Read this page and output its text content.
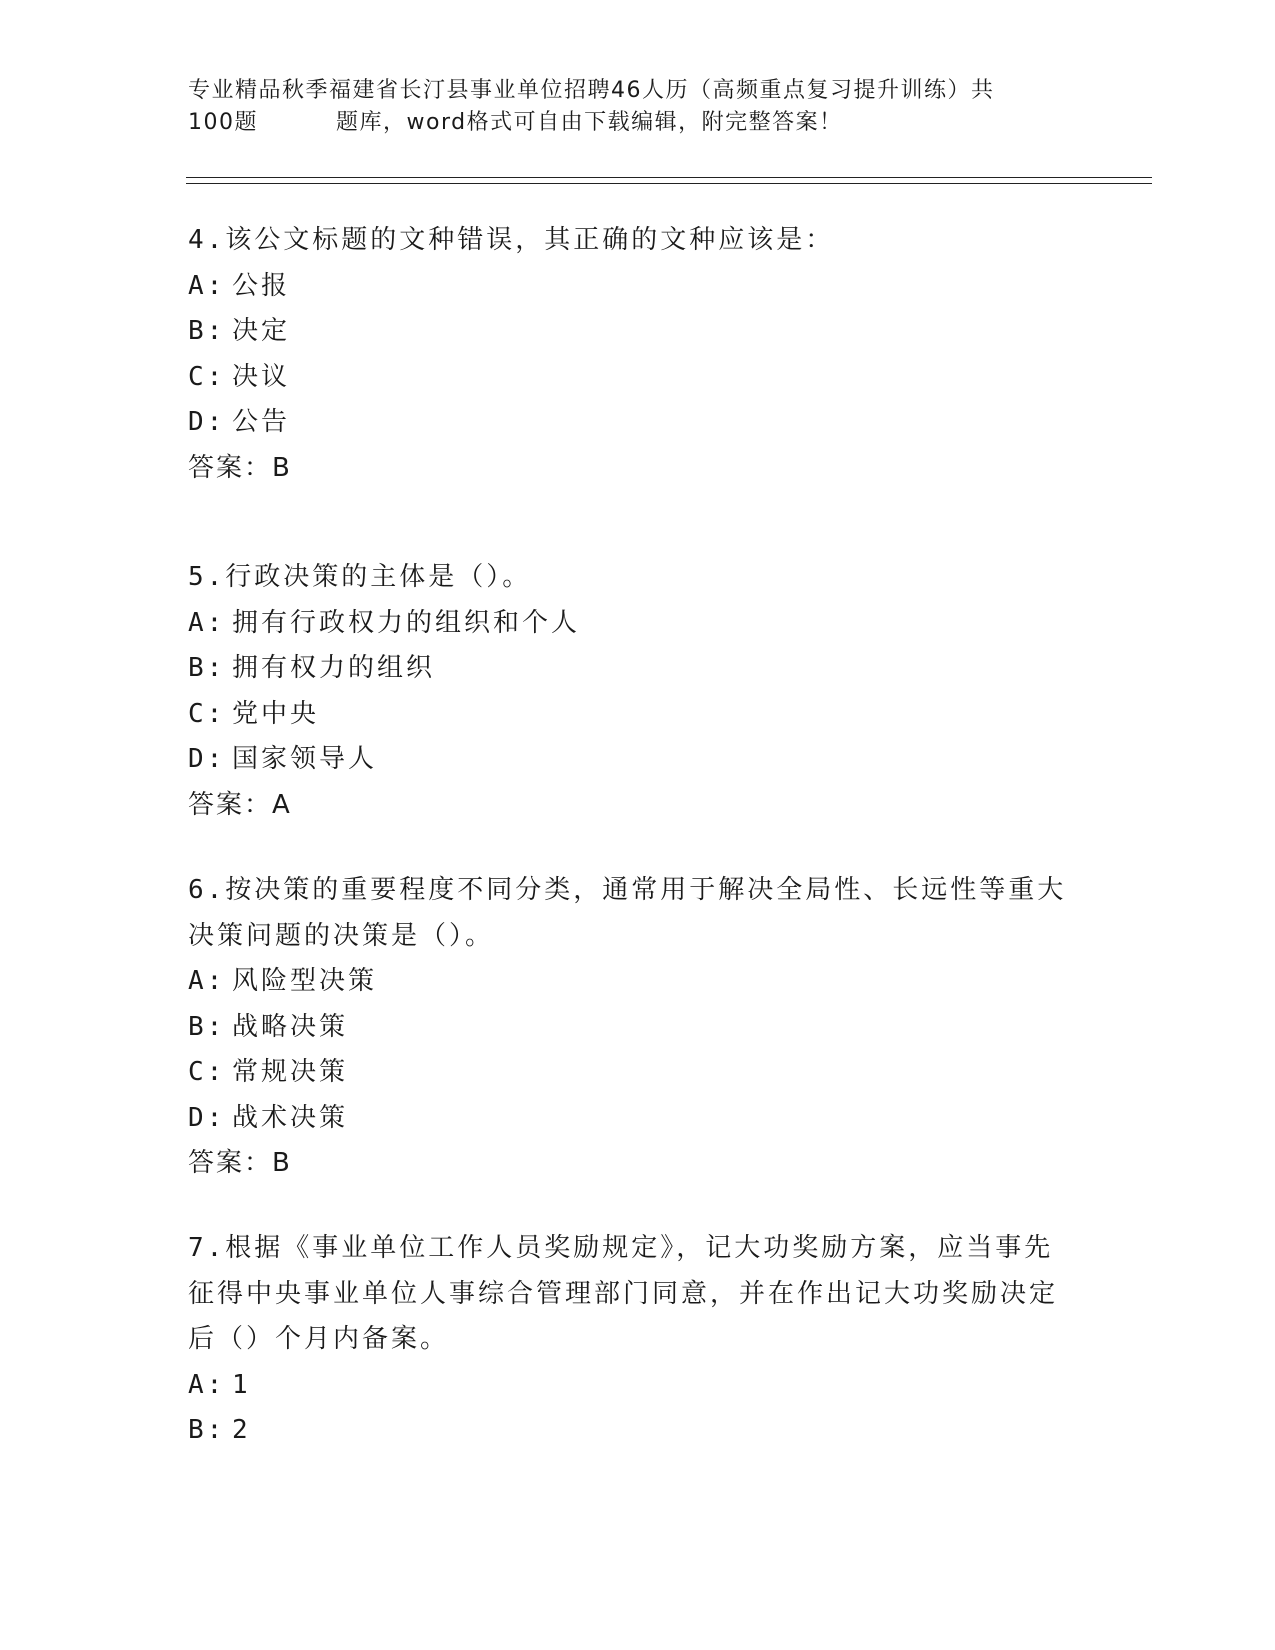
专业精品秋季福建省长汀县事业单位招聘46人历（高频重点复习提升训练）共
100题	题库，word格式可自由下载编辑，附完整答案！

4.该公文标题的文种错误，其正确的文种应该是：

A: 公报

B: 决定

C: 决议

D: 公告

答案：B

5.行政决策的主体是（）。

A: 拥有行政权力的组织和个人

B: 拥有权力的组织

C: 党中央

D: 国家领导人

答案：A

6.按决策的重要程度不同分类，通常用于解决全局性、长远性等重大

决策问题的决策是（）。

A: 风险型决策

B: 战略决策

C: 常规决策

D: 战术决策

答案：B

7.根据《事业单位工作人员奖励规定》，记大功奖励方案，应当事先

征得中央事业单位人事综合管理部门同意，并在作出记大功奖励决定

后（）个月内备案。

A: 1

B: 2
